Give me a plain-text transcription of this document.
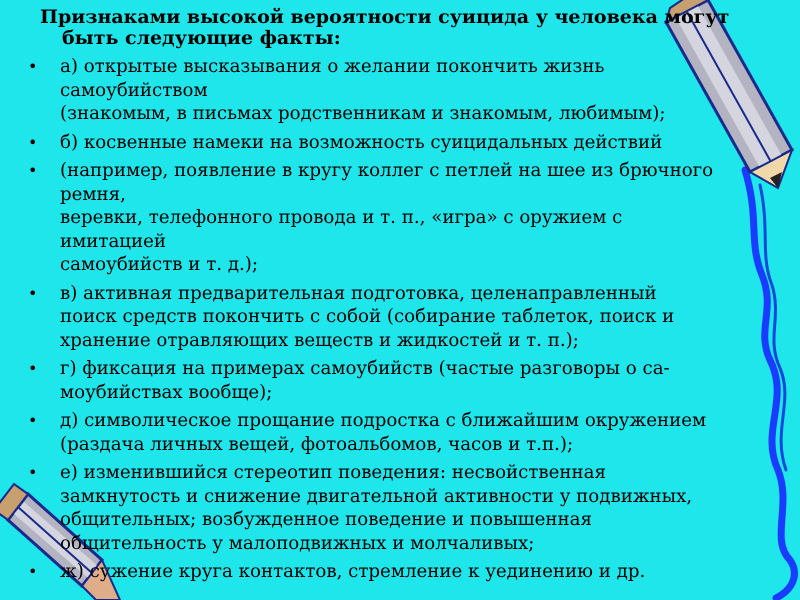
Признаками высокой вероятности суицида у человека могут
быть следующие факты:
• а) открытые высказывания о желании покончить жизнь
самоубийством
(знакомым, в письмах родственникам и знакомым, любимым);
• б) косвенные намеки на возможность суицидальных действий
• (например, появление в кругу коллег с петлей на шее из брючного
ремня,
веревки, телефонного провода и т. п., «игра» с оружием с
имитацией
самоубийств и т. д.);
• в) активная предварительная подготовка, целенаправленный
поиск средств покончить с собой (собирание таблеток, поиск и
хранение отравляющих веществ и жидкостей и т. п.);
• г) фиксация на примерах самоубийств (частые разговоры о са-
моубийствах вообще);
• д) символическое прощание подростка с ближайшим окружением
(раздача личных вещей, фотоальбомов, часов и т.п.);
• е) изменившийся стереотип поведения: несвойственная
замкнутость и снижение двигательной активности у подвижных,
общительных; возбужденное поведение и повышенная
общительность у малоподвижных и молчаливых;
• ж) сужение круга контактов, стремление к уединению и др.
